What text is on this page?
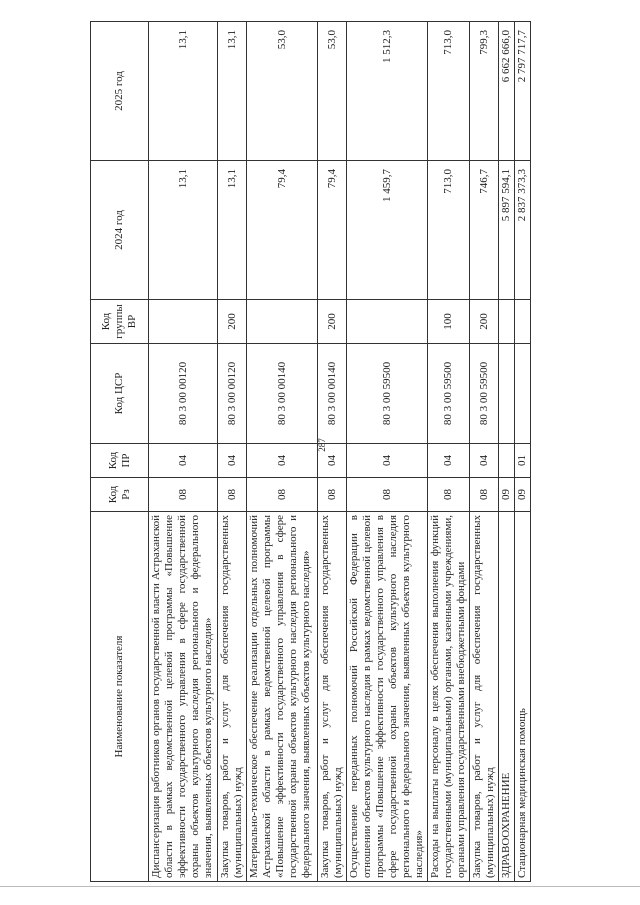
287
Наименование показателя	Код Рз	Код ПР	Код ЦСР	Код группы ВР	2024 год	2025 год
Диспансеризация работников органов государственной власти Астраханской области в рамках ведомственной целевой программы «Повышение эффективности государственного управления в сфере государственной охраны объектов культурного наследия регионального и федерального значения, выявленных объектов культурного наследия»	08	04	80 3 00 00120		13,1	13,1
Закупка товаров, работ и услуг для обеспечения государственных (муниципальных) нужд	08	04	80 3 00 00120	200	13,1	13,1
Материально-техническое обеспечение реализации отдельных полномочий Астраханской области в рамках ведомственной целевой программы «Повышение эффективности государственного управления в сфере государственной охраны объектов культурного наследия регионального и федерального значения, выявленных объектов культурного наследия»	08	04	80 3 00 00140		79,4	53,0
Закупка товаров, работ и услуг для обеспечения государственных (муниципальных) нужд	08	04	80 3 00 00140	200	79,4	53,0
Осуществление переданных полномочий Российской Федерации в отношении объектов культурного наследия в рамках ведомственной целевой программы «Повышение эффективности государственного управления в сфере государственной охраны объектов культурного наследия регионального и федерального значения, выявленных объектов культурного наследия»	08	04	80 3 00 59500		1 459,7	1 512,3
Расходы на выплаты персоналу в целях обеспечения выполнения функций государственными (муниципальными) органами, казенными учреждениями, органами управления государственными внебюджетными фондами	08	04	80 3 00 59500	100	713,0	713,0
Закупка товаров, работ и услуг для обеспечения государственных (муниципальных) нужд	08	04	80 3 00 59500	200	746,7	799,3
ЗДРАВООХРАНЕНИЕ	09				5 897 594,1	6 662 666,0
Стационарная медицинская помощь	09	01			2 837 373,3	2 797 717,7
